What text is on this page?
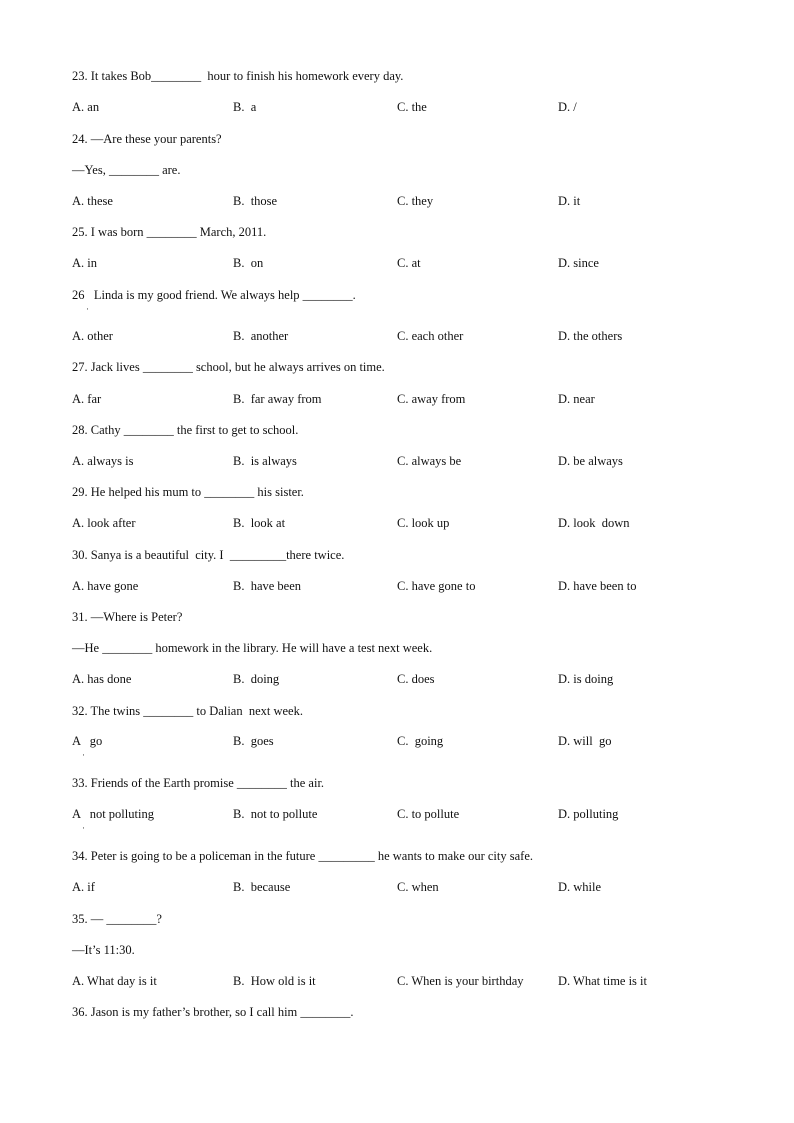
23. It takes Bob________  hour to finish his homework every day.
A. an	B.  a	C. the	D. /
24. —Are these your parents?
—Yes, ________ are.
A. these	B.  those	C. they	D. it
25. I was born ________ March, 2011.
A. in	B.  on	C. at	D. since
26   Linda is my good friend. We always help ________.
·
A. other	B.  another	C. each other	D. the others
27. Jack lives ________ school, but he always arrives on time.
A. far	B.  far away from	C. away from	D. near
28. Cathy ________ the first to get to school.
A. always is	B.  is always	C. always be	D. be always
29. He helped his mum to ________ his sister.
A. look after	B.  look at	C. look up	D. look  down
30. Sanya is a beautiful  city. I  _________there twice.
A. have gone	B.  have been	C. have gone to	D. have been to
31. —Where is Peter?
—He ________ homework in the library. He will have a test next week.
A. has done	B.  doing	C. does	D. is doing
32. The twins ________ to Dalian  next week.
A   go	B.  goes	C.  going	D. will  go
·
33. Friends of the Earth promise ________ the air.
A   not polluting	B.  not to pollute	C. to pollute	D. polluting
·
34. Peter is going to be a policeman in the future _________ he wants to make our city safe.
A. if	B.  because	C. when	D. while
35. — ________?
—It’s 11:30.
A. What day is it	B.  How old is it	C. When is your birthday	D. What time is it
36. Jason is my father’s brother, so I call him ________.
